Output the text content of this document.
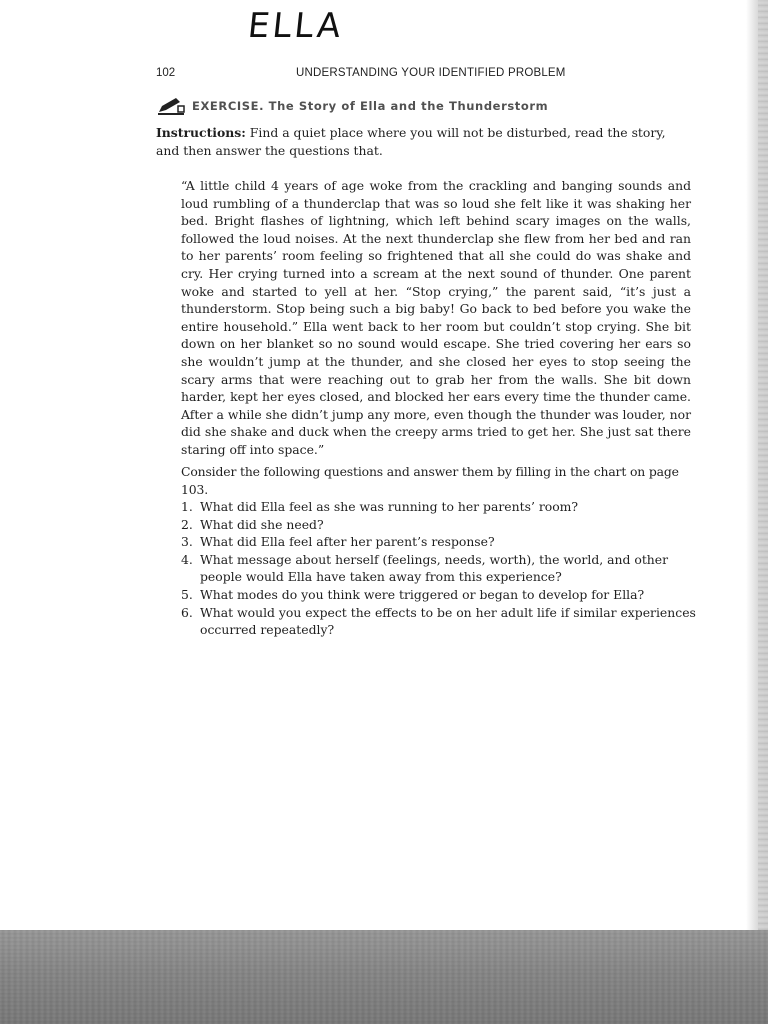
ELLA
102	UNDERSTANDING YOUR IDENTIFIED PROBLEM
EXERCISE. The Story of Ella and the Thunderstorm

Instructions: Find a quiet place where you will not be disturbed, read the story, and then answer the questions that.

“A little child 4 years of age woke from the crackling and banging sounds and loud rumbling of a thunderclap that was so loud she felt like it was shaking her bed. Bright flashes of lightning, which left behind scary images on the walls, followed the loud noises. At the next thunderclap she flew from her bed and ran to her parents’ room feeling so frightened that all she could do was shake and cry. Her crying turned into a scream at the next sound of thunder. One parent woke and started to yell at her. “Stop crying,” the parent said, “it’s just a thunderstorm. Stop being such a big baby! Go back to bed before you wake the entire household.” Ella went back to her room but couldn’t stop crying. She bit down on her blanket so no sound would escape. She tried covering her ears so she wouldn’t jump at the thunder, and she closed her eyes to stop seeing the scary arms that were reaching out to grab her from the walls. She bit down harder, kept her eyes closed, and blocked her ears every time the thunder came. After a while she didn’t jump any more, even though the thunder was louder, nor did she shake and duck when the creepy arms tried to get her. She just sat there staring off into space.”

Consider the following questions and answer them by filling in the chart on page 103.

1. What did Ella feel as she was running to her parents’ room?
2. What did she need?
3. What did Ella feel after her parent’s response?
4. What message about herself (feelings, needs, worth), the world, and other people would Ella have taken away from this experience?
5. What modes do you think were triggered or began to develop for Ella?
6. What would you expect the effects to be on her adult life if similar experiences occurred repeatedly?
